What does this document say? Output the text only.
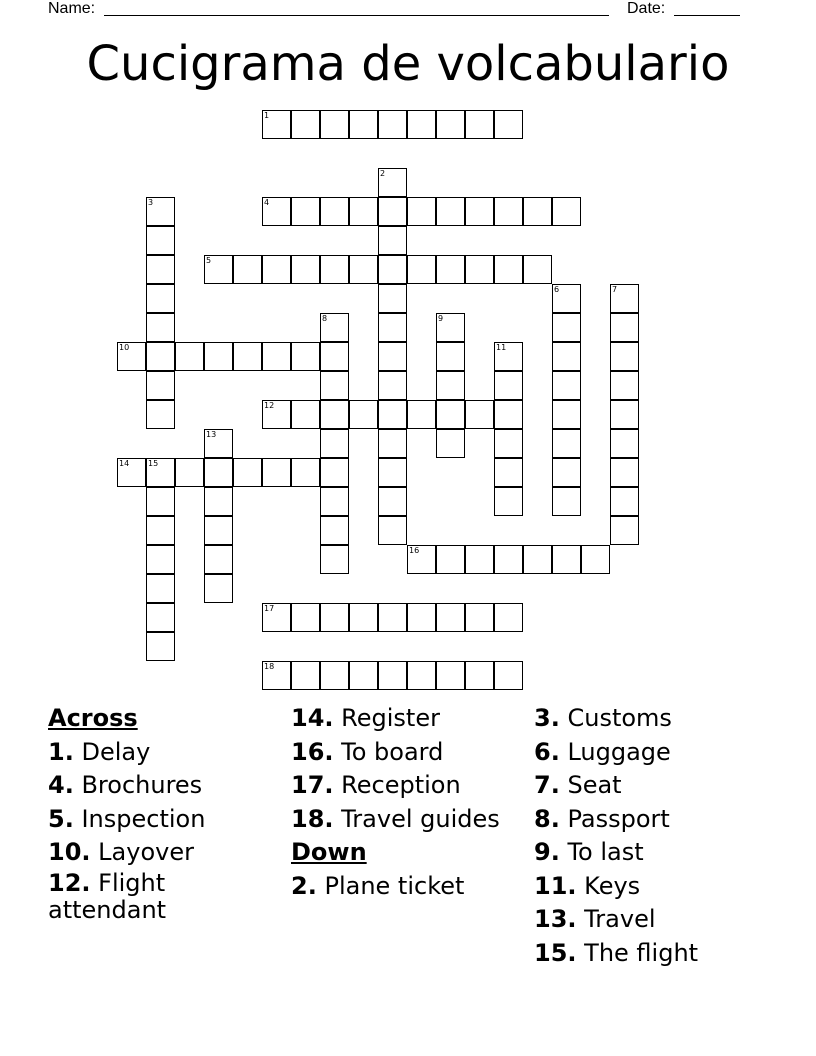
Name:	Date:
Cucigrama de volcabulario
1
2
3	4
5
6	7
8	9
10	11
12
13
14 15
16
17
18
Across
1. Delay
4. Brochures
5. Inspection
10. Layover
12. Flight attendant
14. Register
16. To board
17. Reception
18. Travel guides
Down
2. Plane ticket
3. Customs
6. Luggage
7. Seat
8. Passport
9. To last
11. Keys
13. Travel
15. The flight
